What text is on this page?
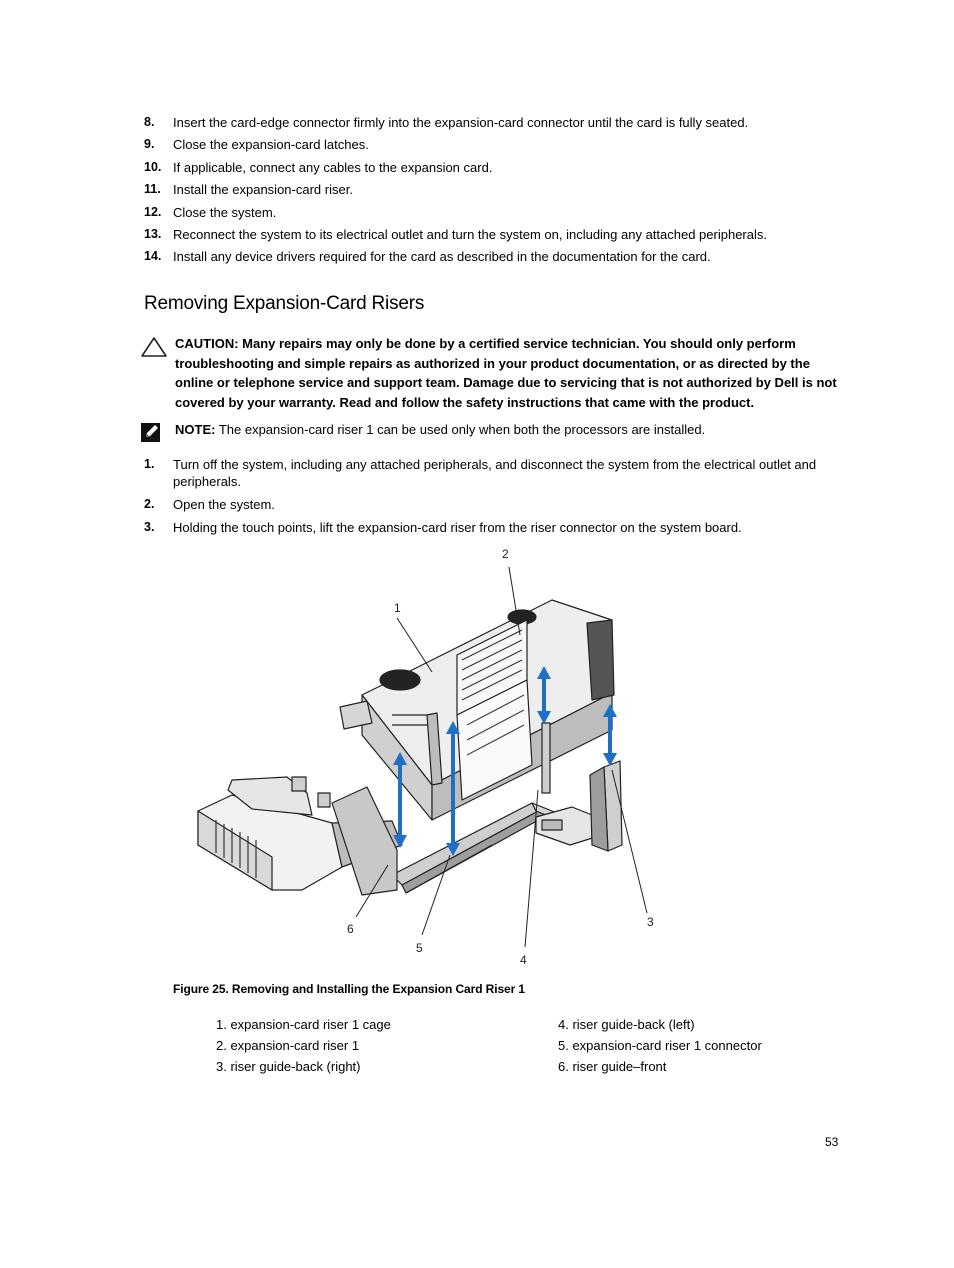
8. Insert the card-edge connector firmly into the expansion-card connector until the card is fully seated.
9. Close the expansion-card latches.
10. If applicable, connect any cables to the expansion card.
11. Install the expansion-card riser.
12. Close the system.
13. Reconnect the system to its electrical outlet and turn the system on, including any attached peripherals.
14. Install any device drivers required for the card as described in the documentation for the card.
Removing Expansion-Card Risers
CAUTION: Many repairs may only be done by a certified service technician. You should only perform troubleshooting and simple repairs as authorized in your product documentation, or as directed by the online or telephone service and support team. Damage due to servicing that is not authorized by Dell is not covered by your warranty. Read and follow the safety instructions that came with the product.
NOTE: The expansion-card riser 1 can be used only when both the processors are installed.
1. Turn off the system, including any attached peripherals, and disconnect the system from the electrical outlet and peripherals.
2. Open the system.
3. Holding the touch points, lift the expansion-card riser from the riser connector on the system board.
1
2
3
4
5
6
Figure 25. Removing and Installing the Expansion Card Riser 1
1. expansion-card riser 1 cage
2. expansion-card riser 1
3. riser guide-back (right)
4. riser guide-back (left)
5. expansion-card riser 1 connector
6. riser guide–front
53
